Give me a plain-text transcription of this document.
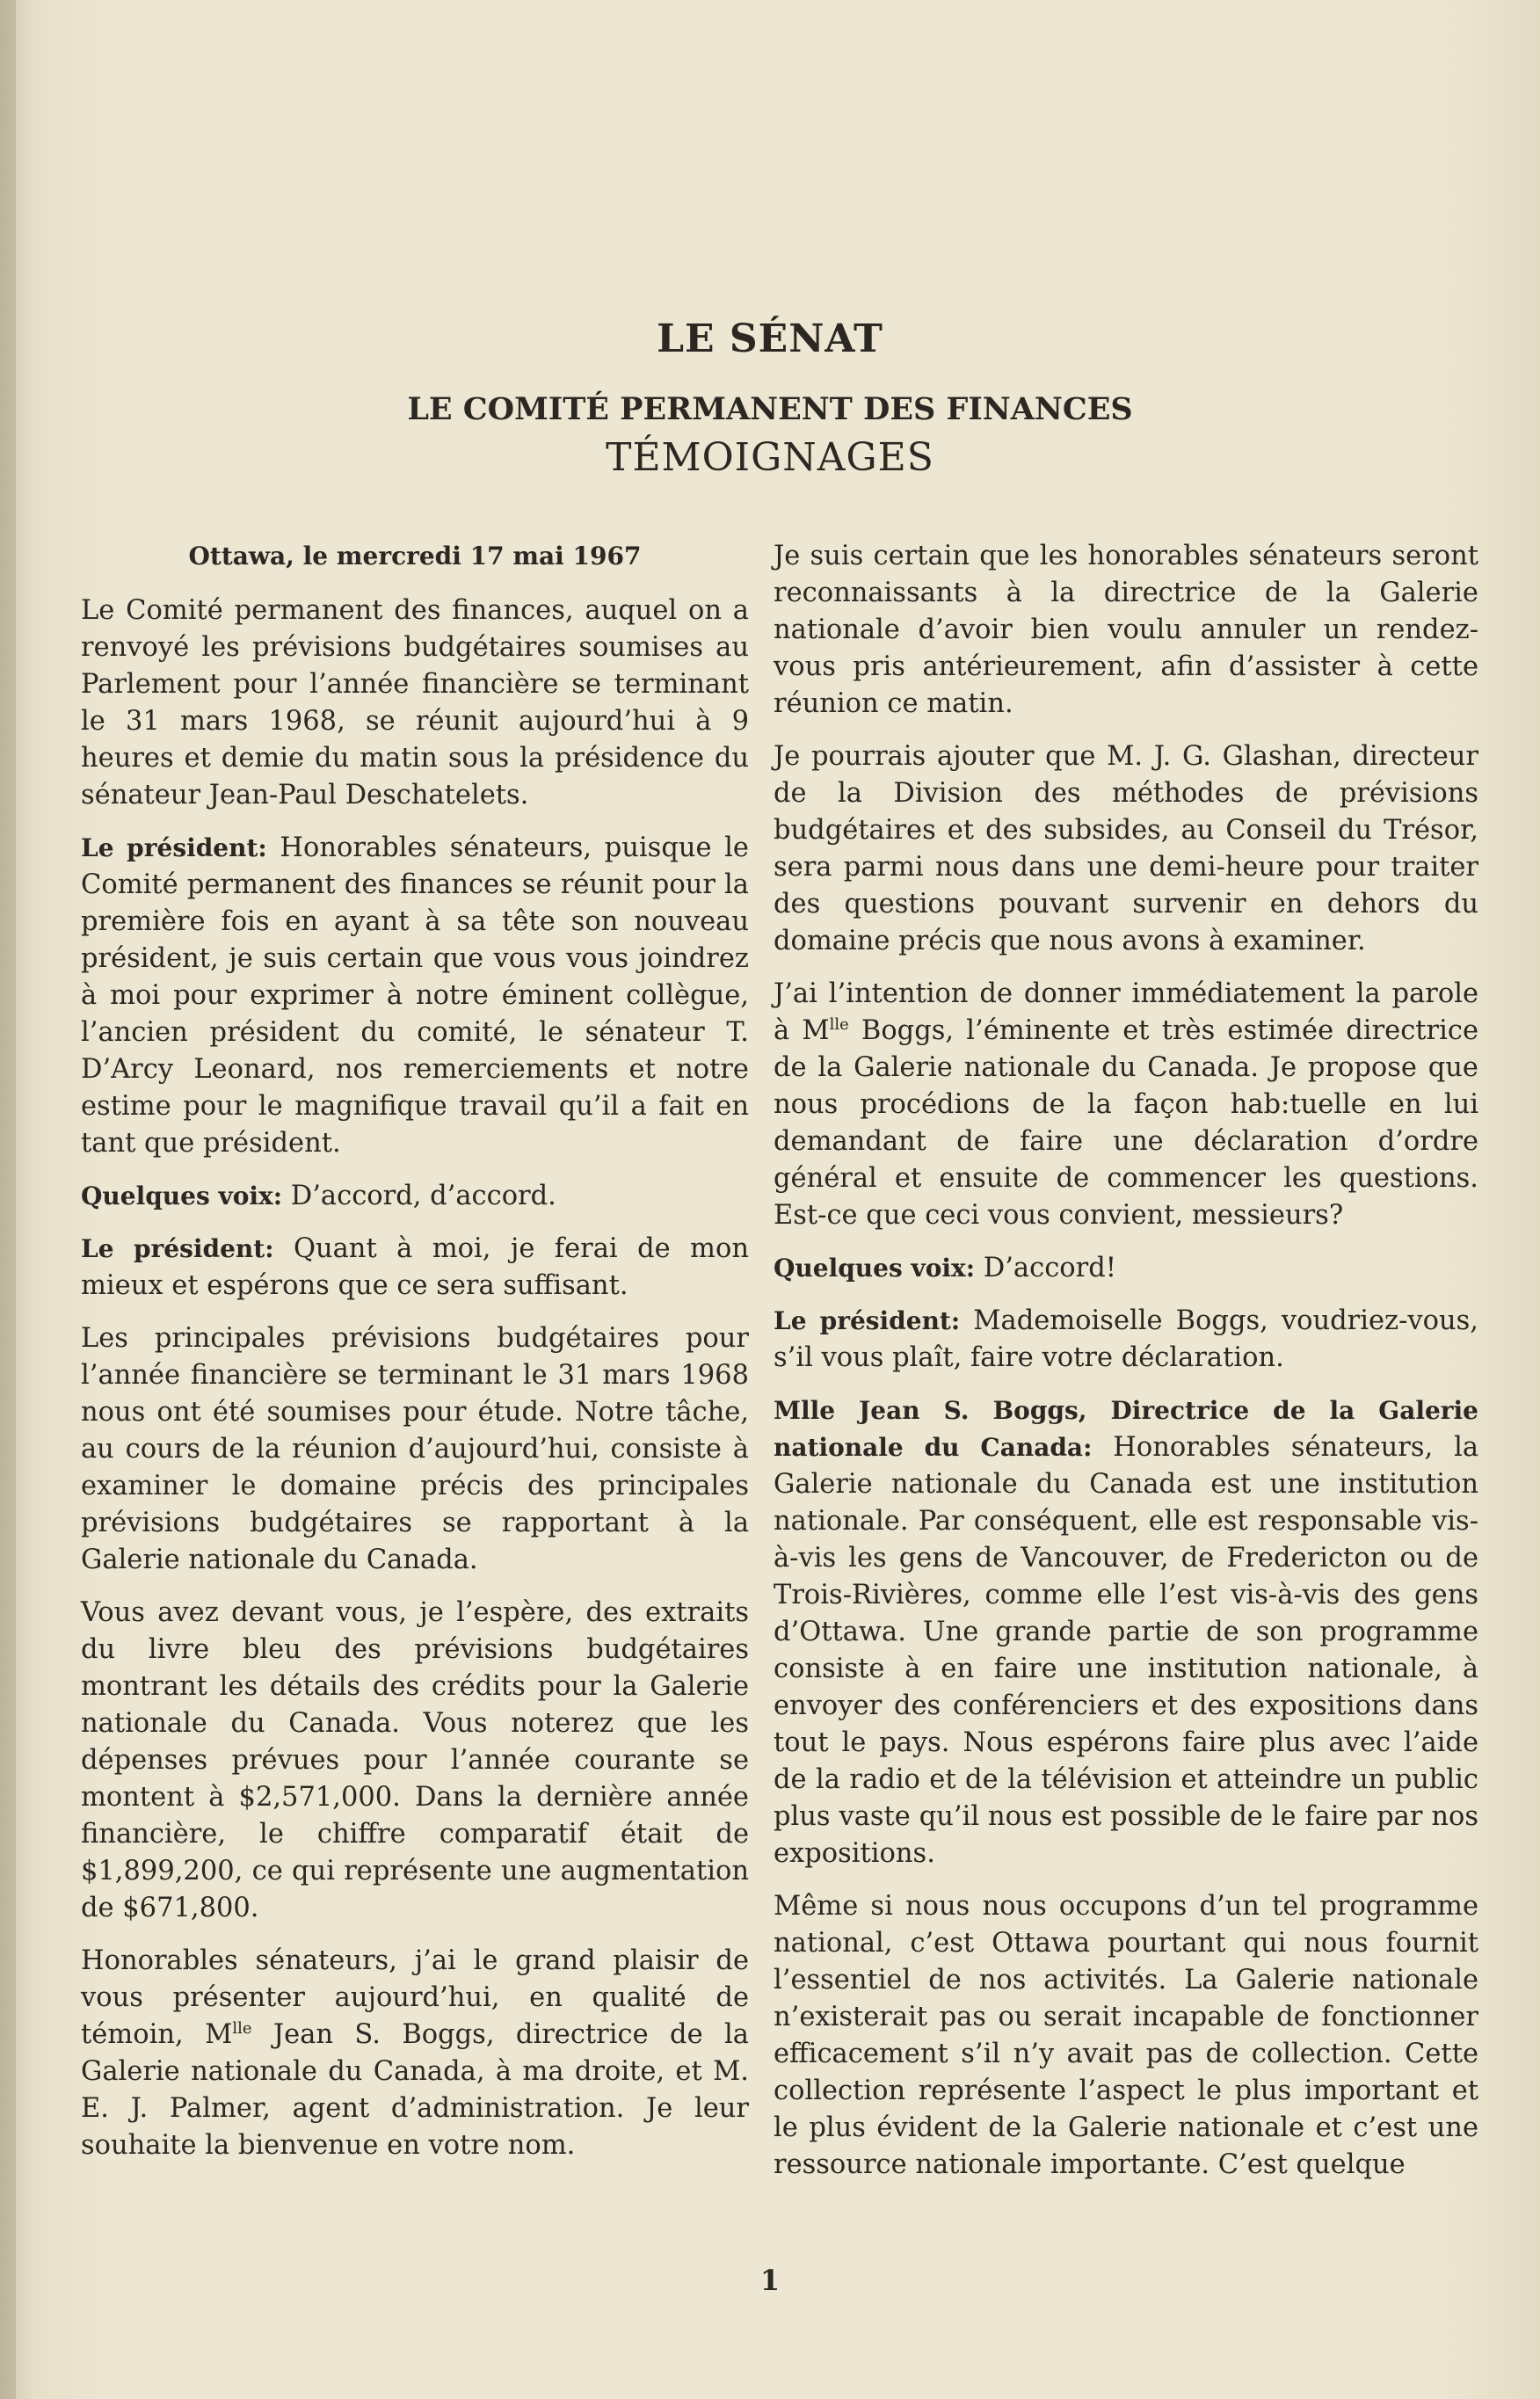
LE SÉNAT
LE COMITÉ PERMANENT DES FINANCES
TÉMOIGNAGES

Ottawa, le mercredi 17 mai 1967

Le Comité permanent des finances, auquel on a renvoyé les prévisions budgétaires soumises au Parlement pour l’année financière se terminant le 31 mars 1968, se réunit aujourd’hui à 9 heures et demie du matin sous la présidence du sénateur Jean-Paul Deschatelets.

Le président: Honorables sénateurs, puisque le Comité permanent des finances se réunit pour la première fois en ayant à sa tête son nouveau président, je suis certain que vous vous joindrez à moi pour exprimer à notre éminent collègue, l’ancien président du comité, le sénateur T. D’Arcy Leonard, nos remerciements et notre estime pour le magnifique travail qu’il a fait en tant que président.

Quelques voix: D’accord, d’accord.

Le président: Quant à moi, je ferai de mon mieux et espérons que ce sera suffisant.

Les principales prévisions budgétaires pour l’année financière se terminant le 31 mars 1968 nous ont été soumises pour étude. Notre tâche, au cours de la réunion d’aujourd’hui, consiste à examiner le domaine précis des principales prévisions budgétaires se rapportant à la Galerie nationale du Canada.

Vous avez devant vous, je l’espère, des extraits du livre bleu des prévisions budgétaires montrant les détails des crédits pour la Galerie nationale du Canada. Vous noterez que les dépenses prévues pour l’année courante se montent à $2,571,000. Dans la dernière année financière, le chiffre comparatif était de $1,899,200, ce qui représente une augmentation de $671,800.

Honorables sénateurs, j’ai le grand plaisir de vous présenter aujourd’hui, en qualité de témoin, $M^{lle}$ Jean S. Boggs, directrice de la Galerie nationale du Canada, à ma droite, et M. E. J. Palmer, agent d’administration. Je leur souhaite la bienvenue en votre nom.

Je suis certain que les honorables sénateurs seront reconnaissants à la directrice de la Galerie nationale d’avoir bien voulu annuler un rendez-vous pris antérieurement, afin d’assister à cette réunion ce matin.

Je pourrais ajouter que M. J. G. Glashan, directeur de la Division des méthodes de prévisions budgétaires et des subsides, au Conseil du Trésor, sera parmi nous dans une demi-heure pour traiter des questions pouvant survenir en dehors du domaine précis que nous avons à examiner.

J’ai l’intention de donner immédiatement la parole à $M^{lle}$ Boggs, l’éminente et très estimée directrice de la Galerie nationale du Canada. Je propose que nous procédions de la façon hab:tuelle en lui demandant de faire une déclaration d’ordre général et ensuite de commencer les questions. Est-ce que ceci vous convient, messieurs?

Quelques voix: D’accord!

Le président: Mademoiselle Boggs, voudriez-vous, s’il vous plaît, faire votre déclaration.

Mlle Jean S. Boggs, Directrice de la Galerie nationale du Canada: Honorables sénateurs, la Galerie nationale du Canada est une institution nationale. Par conséquent, elle est responsable vis-à-vis les gens de Vancouver, de Fredericton ou de Trois-Rivières, comme elle l’est vis-à-vis des gens d’Ottawa. Une grande partie de son programme consiste à en faire une institution nationale, à envoyer des conférenciers et des expositions dans tout le pays. Nous espérons faire plus avec l’aide de la radio et de la télévision et atteindre un public plus vaste qu’il nous est possible de le faire par nos expositions.

Même si nous nous occupons d’un tel programme national, c’est Ottawa pourtant qui nous fournit l’essentiel de nos activités. La Galerie nationale n’existerait pas ou serait incapable de fonctionner efficacement s’il n’y avait pas de collection. Cette collection représente l’aspect le plus important et le plus évident de la Galerie nationale et c’est une ressource nationale importante. C’est quelque

1
